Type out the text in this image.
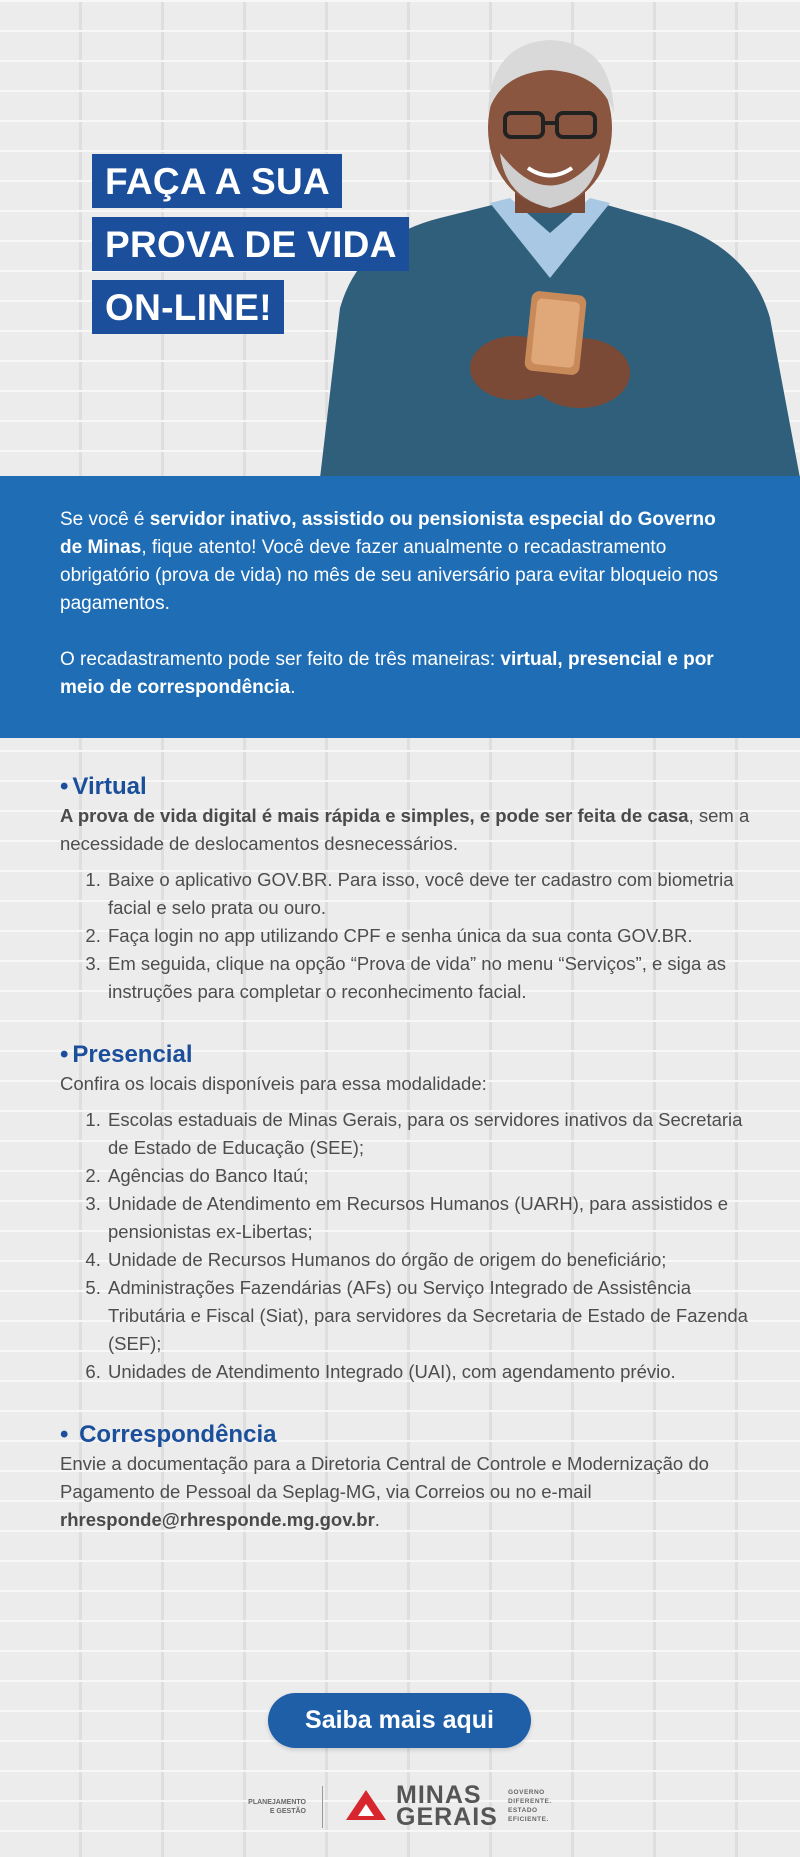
FAÇA A SUA
PROVA DE VIDA
ON-LINE!

Se você é servidor inativo, assistido ou pensionista especial do Governo de Minas, fique atento! Você deve fazer anualmente o recadastramento obrigatório (prova de vida) no mês de seu aniversário para evitar bloqueio nos pagamentos.

O recadastramento pode ser feito de três maneiras: virtual, presencial e por meio de correspondência.

• Virtual

A prova de vida digital é mais rápida e simples, e pode ser feita de casa, sem a necessidade de deslocamentos desnecessários.

1. Baixe o aplicativo GOV.BR. Para isso, você deve ter cadastro com biometria facial e selo prata ou ouro.
2. Faça login no app utilizando CPF e senha única da sua conta GOV.BR.
3. Em seguida, clique na opção “Prova de vida” no menu “Serviços”, e siga as instruções para completar o reconhecimento facial.
• Presencial

Confira os locais disponíveis para essa modalidade:

1. Escolas estaduais de Minas Gerais, para os servidores inativos da Secretaria de Estado de Educação (SEE);
2. Agências do Banco Itaú;
3. Unidade de Atendimento em Recursos Humanos (UARH), para assistidos e pensionistas ex-Libertas;
4. Unidade de Recursos Humanos do órgão de origem do beneficiário;
5. Administrações Fazendárias (AFs) ou Serviço Integrado de Assistência Tributária e Fiscal (Siat), para servidores da Secretaria de Estado de Fazenda (SEF);
6. Unidades de Atendimento Integrado (UAI), com agendamento prévio.
• Correspondência

Envie a documentação para a Diretoria Central de Controle e Modernização do Pagamento de Pessoal da Seplag-MG, via Correios ou no e-mail rhresponde@rhresponde.mg.gov.br.

Saiba mais aqui
PLANEJAMENTO
E GESTÃO
MINAS
GERAIS
GOVERNO
DIFERENTE.
ESTADO
EFICIENTE.
